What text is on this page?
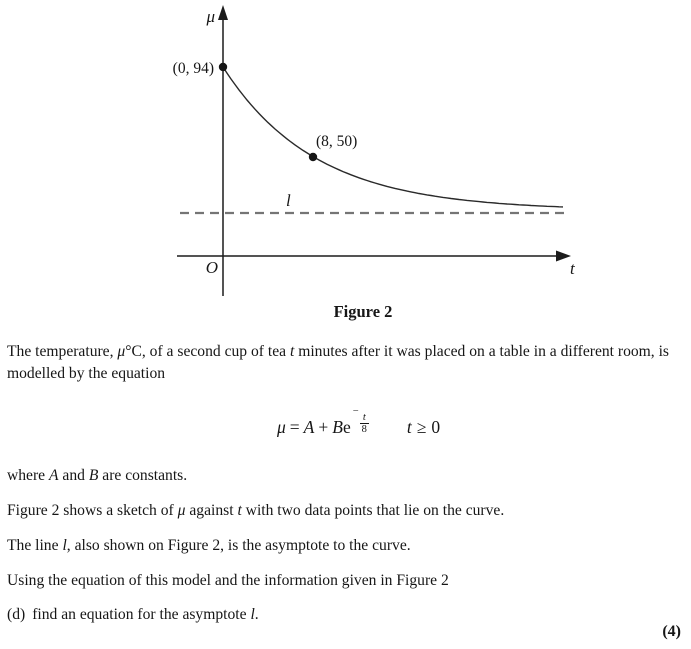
μ
t
O
l
(0, 94)
(8, 50)
Figure 2
The temperature, μ°C, of a second cup of tea t minutes after it was placed on a table in a different room, is modelled by the equation
μ = A + Be−
$\frac{t}{8}$ t ≥ 0
where A and B are constants.
Figure 2 shows a sketch of μ against t with two data points that lie on the curve.
The line l, also shown on Figure 2, is the asymptote to the curve.
Using the equation of this model and the information given in Figure 2
(d) find an equation for the asymptote l.
(4)
